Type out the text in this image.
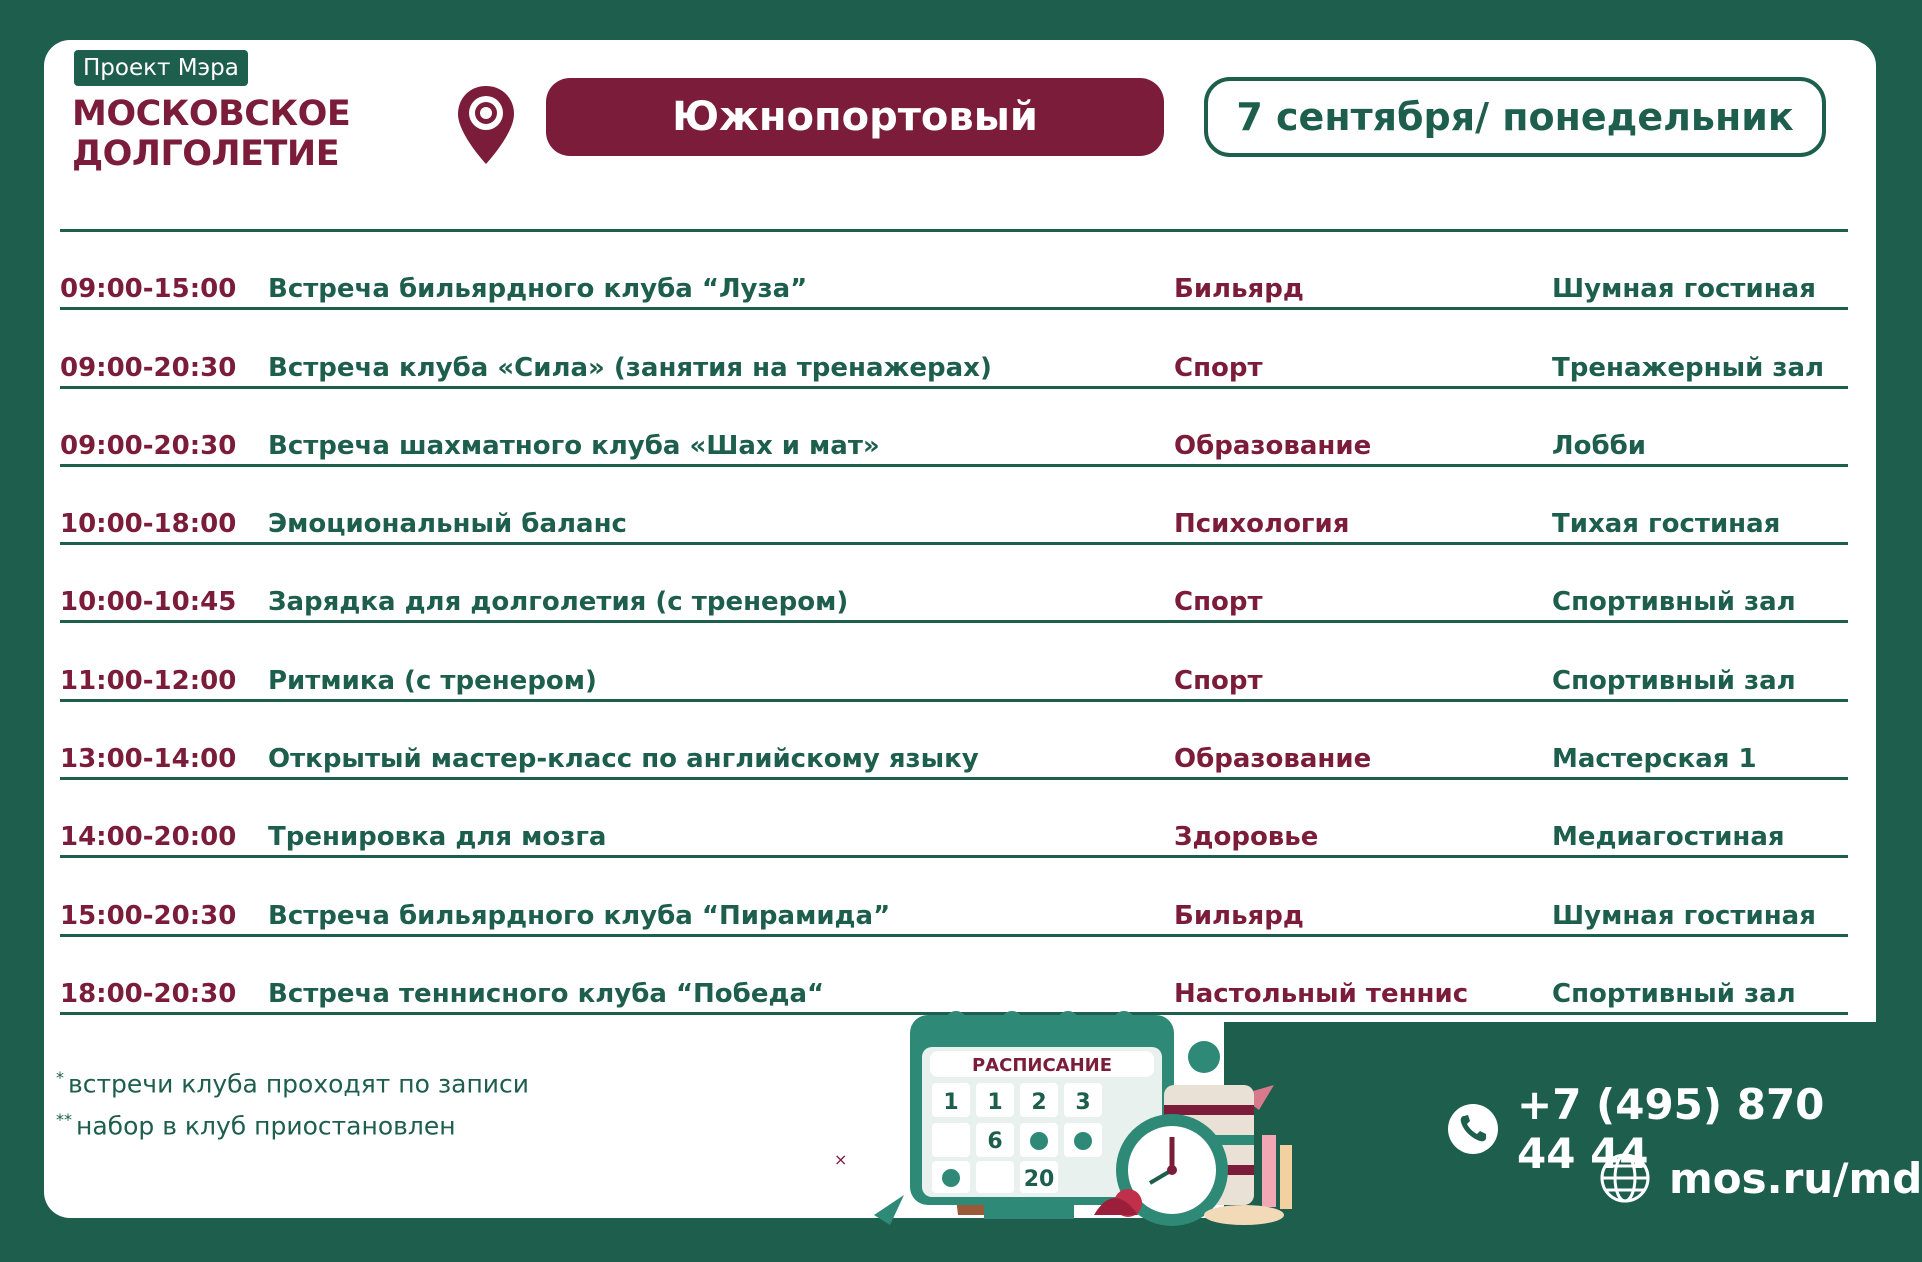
Проект Мэра
МОСКОВСКОЕ
ДОЛГОЛЕТИЕ
Южнопортовый	7 сентября/ понедельник
09:00-15:00 Встреча бильярдного клуба “Луза”	Бильярд	Шумная гостиная
09:00-20:30 Встреча клуба «Сила» (занятия на тренажерах)	Спорт	Тренажерный зал
09:00-20:30 Встреча шахматного клуба «Шах и мат»	Образование	Лобби
10:00-18:00 Эмоциональный баланс	Психология	Тихая гостиная
10:00-10:45 Зарядка для долголетия (с тренером)	Спорт	Спортивный зал
11:00-12:00 Ритмика (с тренером)	Спорт	Спортивный зал
13:00-14:00 Открытый мастер-класс по английскому языку	Образование	Мастерская 1
14:00-20:00 Тренировка для мозга	Здоровье	Медиагостиная
15:00-20:30 Встреча бильярдного клуба “Пирамида”	Бильярд	Шумная гостиная
18:00-20:30 Встреча теннисного клуба “Победа“	Настольный теннис	Спортивный зал
* встречи клуба проходят по записи
** набор в клуб приостановлен
×
РАСПИСАНИЕ
1 1 2 3
6
20
+7 (495) 870 44 44 mos.ru/md
